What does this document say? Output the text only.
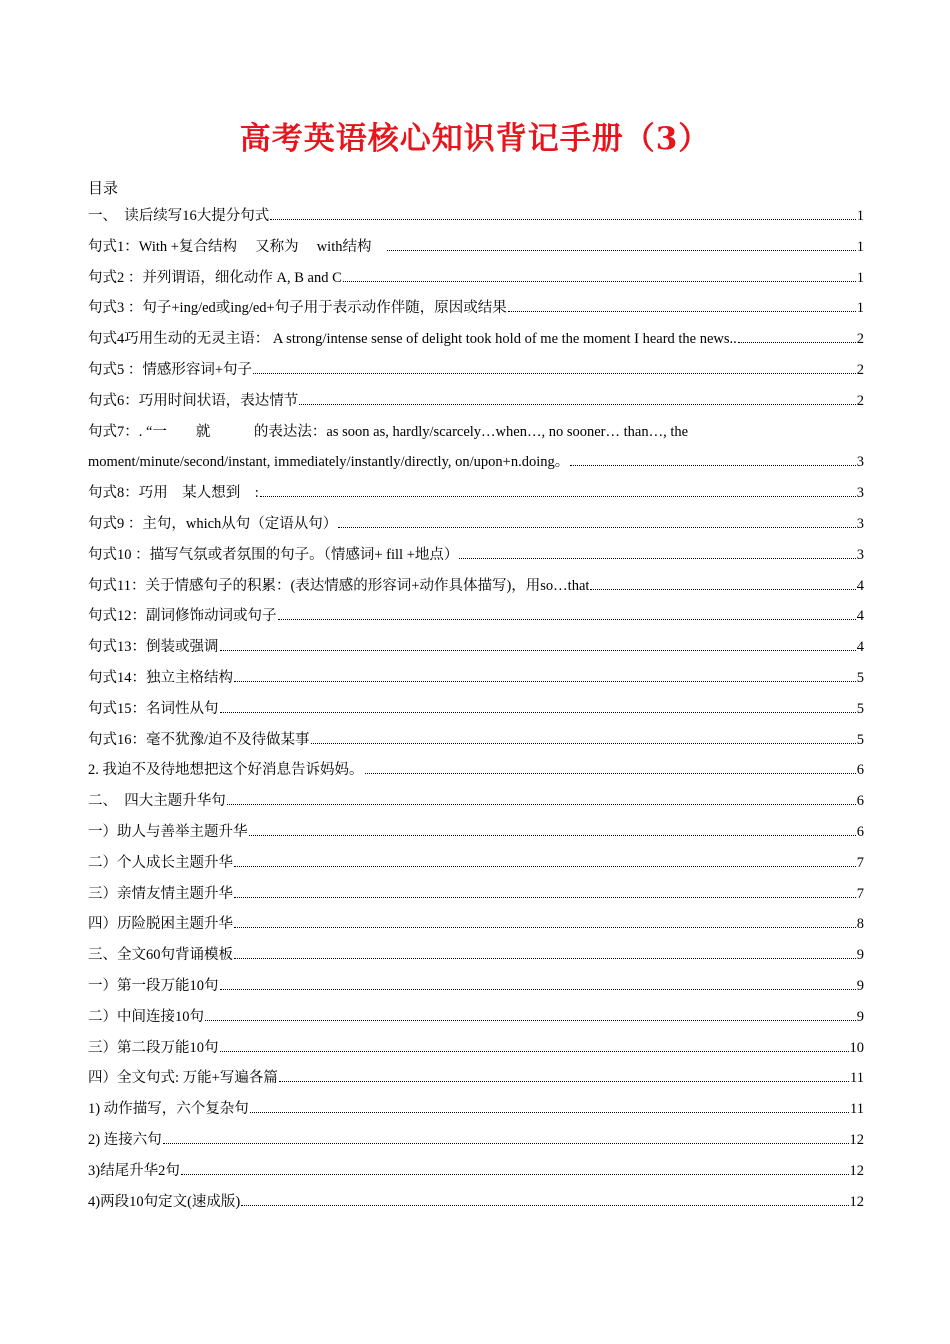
高考英语核心知识背记手册（3）
目录
一、　读后续写16大提分句式	1
句式1：With +复合结构　 又称为　 with结构　	1
句式2 ：并列谓语，细化动作 A, B and C	1
句式3 ：句子+ing/ed或ing/ed+句子用于表示动作伴随，原因或结果	1
句式4巧用生动的无灵主语： A strong/intense sense of delight took hold of me the moment I heard the news..	2
句式5 ：情感形容词+句子	2
句式6：巧用时间状语，表达情节	2
句式7：. “一　　就　　　的表达法：as soon as, hardly/scarcely…when…, no sooner… than…, the
moment/minute/second/instant, immediately/instantly/directly, on/upon+n.doing。	3
句式8：巧用　某人想到　:	3
句式9 ：主句，which从句（定语从句）	3
句式10 ：描写气氛或者氛围的句子。（情感词+ fill +地点）	3
句式11：关于情感句子的积累：(表达情感的形容词+动作具体描写)，用so…that	4
句式12：副词修饰动词或句子	4
句式13：倒装或强调	4
句式14：独立主格结构	5
句式15：名词性从句	5
句式16：毫不犹豫/迫不及待做某事	5
2. 我迫不及待地想把这个好消息告诉妈妈。	6
二、　四大主题升华句	6
一）助人与善举主题升华	6
二）个人成长主题升华	7
三）亲情友情主题升华	7
四）历险脱困主题升华	8
三、全文60句背诵模板	9
一）第一段万能10句	9
二）中间连接10句	9
三）第二段万能10句	10
四）全文句式: 万能+写遍各篇	11
1) 动作描写，六个复杂句	11
2) 连接六句	12
3)结尾升华2句	12
4)两段10句定文(速成版)	12
